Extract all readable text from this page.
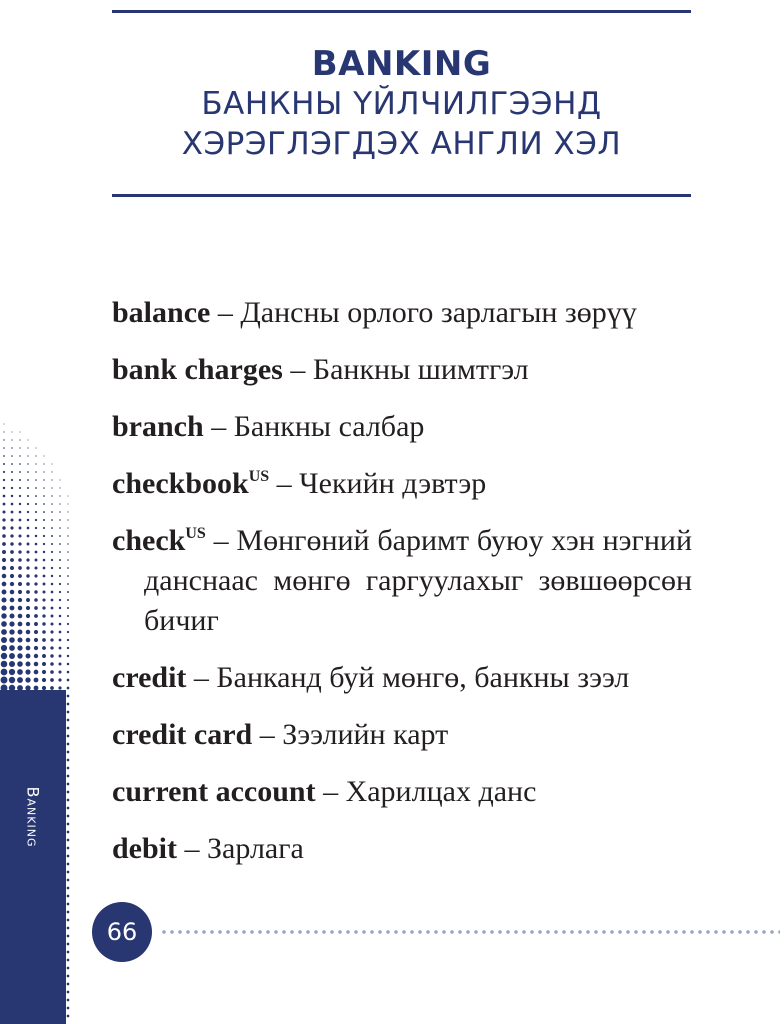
BANKING
БАНКНЫ ҮЙЛЧИЛГЭЭНД
ХЭРЭГЛЭГДЭХ АНГЛИ ХЭЛ

balance – Дансны орлого зарлагын зөрүү

bank charges – Банкны шимтгэл

branch – Банкны салбар

checkbook$^{US}$ – Чекийн дэвтэр

check$^{US}$ – Мөнгөний баримт буюу хэн нэгний данснаас мөнгө гаргуулахыг зөвшөөрсөн бичиг

credit – Банканд буй мөнгө, банкны зээл

credit card – Зээлийн карт

current account – Харилцах данс

debit – Зарлага

Banking
66
